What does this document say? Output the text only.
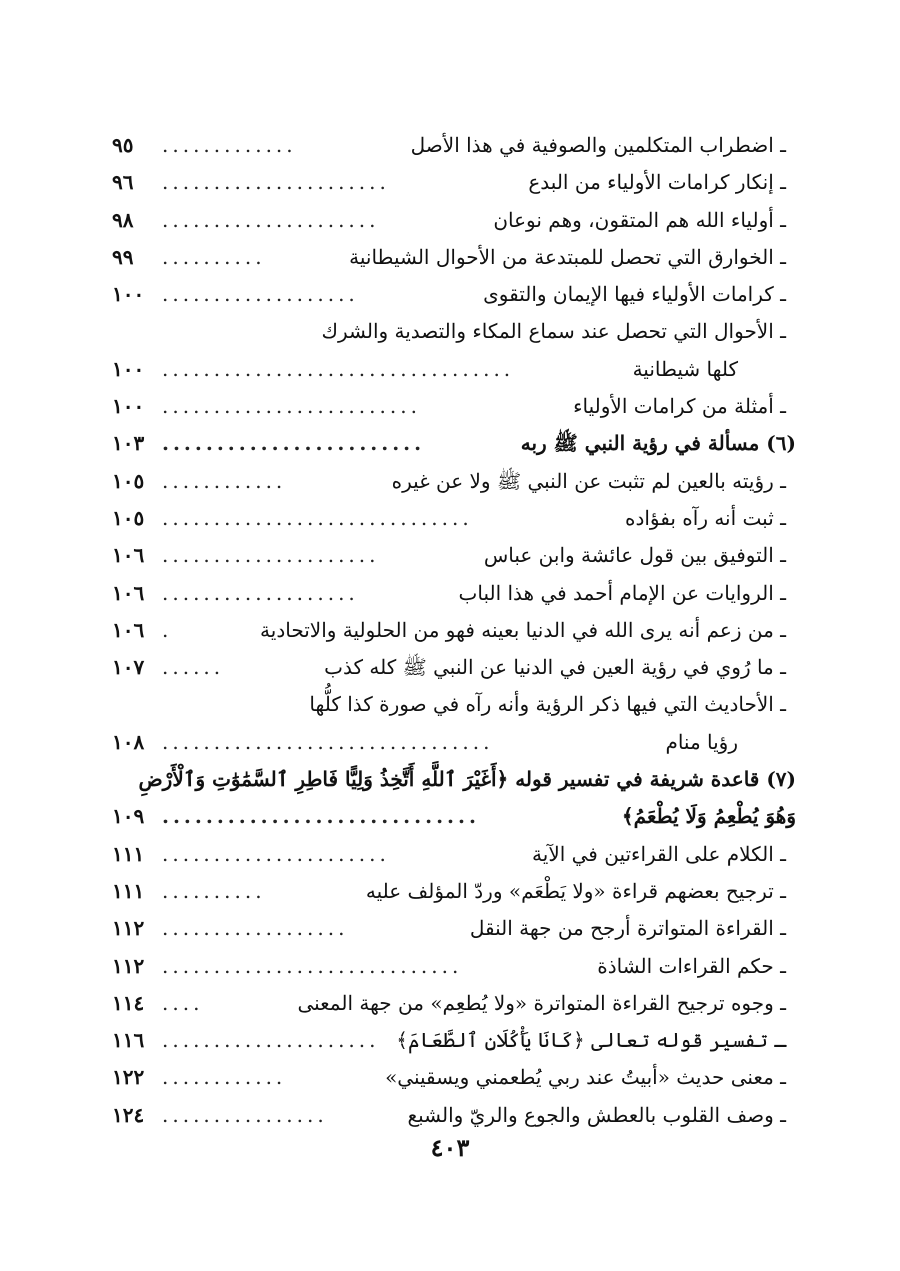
ـ اضطراب المتكلمين والصوفية في هذا الأصل
.............
٩٥
ـ إنكار كرامات الأولياء من البدع
......................
٩٦
ـ أولياء الله هم المتقون، وهم نوعان
.....................
٩٨
ـ الخوارق التي تحصل للمبتدعة من الأحوال الشيطانية
..........
٩٩
ـ كرامات الأولياء فيها الإيمان والتقوى
...................
١٠٠
ـ الأحوال التي تحصل عند سماع المكاء والتصدية والشرك
كلها شيطانية
..................................
١٠٠
ـ أمثلة من كرامات الأولياء
.........................
١٠٠
(٦) مسألة في رؤية النبي ﷺ ربه
........................
١٠٣
ـ رؤيته بالعين لم تثبت عن النبي ﷺ ولا عن غيره
............
١٠٥
ـ ثبت أنه رآه بفؤاده
..............................
١٠٥
ـ التوفيق بين قول عائشة وابن عباس
.....................
١٠٦
ـ الروايات عن الإمام أحمد في هذا الباب
...................
١٠٦
ـ من زعم أنه يرى الله في الدنيا بعينه فهو من الحلولية والاتحادية
.
١٠٦
ـ ما رُوي في رؤية العين في الدنيا عن النبي ﷺ كله كذب
......
١٠٧
ـ الأحاديث التي فيها ذكر الرؤية وأنه رآه في صورة كذا كلُّها
رؤيا منام
................................
١٠٨
(٧) قاعدة شريفة في تفسير قوله ﴿أَغَيْرَ ٱللَّهِ أَتَّخِذُ وَلِيًّا فَاطِرِ ٱلسَّمَٰوَٰتِ وَٱلْأَرْضِ
وَهُوَ يُطْعِمُ وَلَا يُطْعَمُ﴾
.............................
١٠٩
ـ الكلام على القراءتين في الآية
......................
١١١
ـ ترجيح بعضهم قراءة «ولا يَطْعَم» وردّ المؤلف عليه
..........
١١١
ـ القراءة المتواترة أرجح من جهة النقل
..................
١١٢
ـ حكم القراءات الشاذة
.............................
١١٢
ـ وجوه ترجيح القراءة المتواترة «ولا يُطعِم» من جهة المعنى
....
١١٤
ـ تفسير قوله تعالى ﴿كَانَا يَأْكُلَانِ ٱلطَّعَامَ﴾
.....................
١١٦
ـ معنى حديث «أبيتُ عند ربي يُطعمني ويسقيني»
............
١٢٢
ـ وصف القلوب بالعطش والجوع والريّ والشبع
................
١٢٤
٤٠٣
